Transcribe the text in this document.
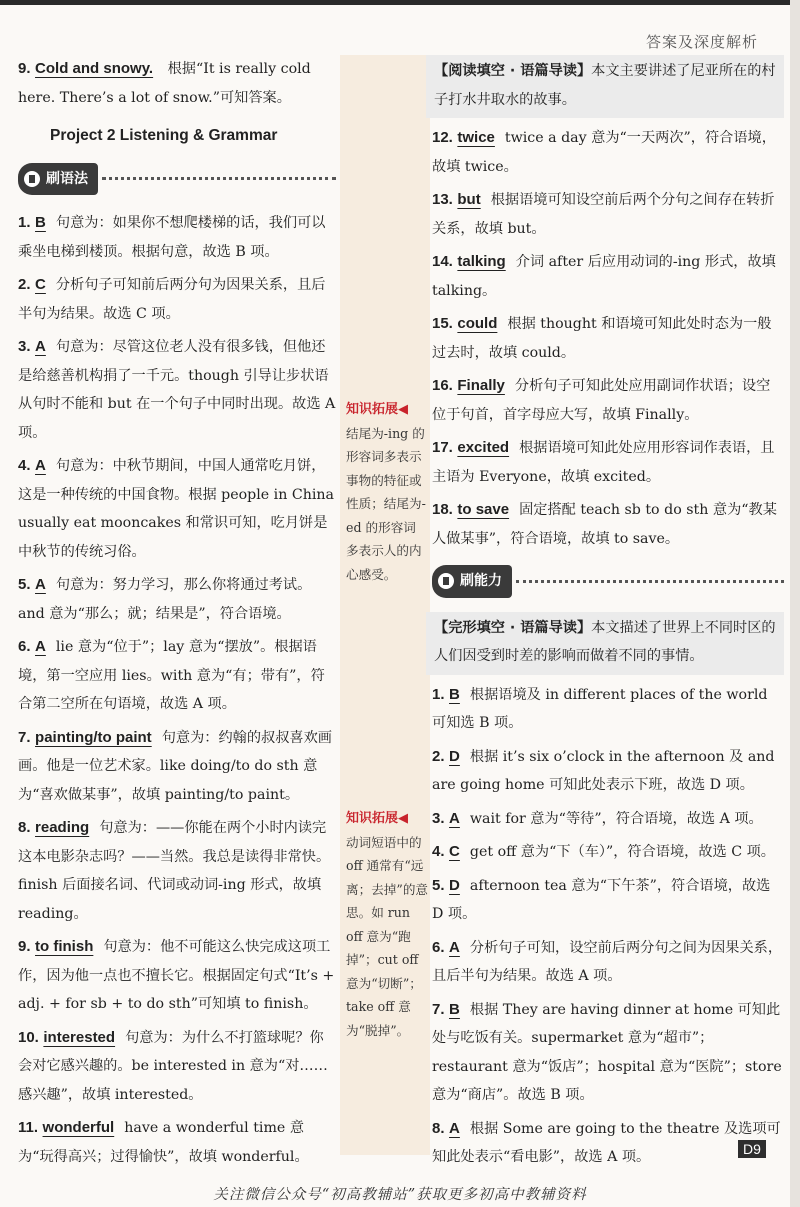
答案及深度解析
9. Cold and snowy. 根据“It is really cold here. There’s a lot of snow.”可知答案。
Project 2 Listening & Grammar
刷语法
1. B 句意为：如果你不想爬楼梯的话，我们可以乘坐电梯到楼顶。根据句意，故选 B 项。
2. C 分析句子可知前后两分句为因果关系，且后半句为结果。故选 C 项。
3. A 句意为：尽管这位老人没有很多钱，但他还是给慈善机构捐了一千元。though 引导让步状语从句时不能和 but 在一个句子中同时出现。故选 A 项。
4. A 句意为：中秋节期间，中国人通常吃月饼，这是一种传统的中国食物。根据 people in China usually eat mooncakes 和常识可知，吃月饼是中秋节的传统习俗。
5. A 句意为：努力学习，那么你将通过考试。and 意为“那么；就；结果是”，符合语境。
6. A lie 意为“位于”；lay 意为“摆放”。根据语境，第一空应用 lies。with 意为“有；带有”，符合第二空所在句语境，故选 A 项。
7. painting/to paint 句意为：约翰的叔叔喜欢画画。他是一位艺术家。like doing/to do sth 意为“喜欢做某事”，故填 painting/to paint。
8. reading 句意为：——你能在两个小时内读完这本电影杂志吗？——当然。我总是读得非常快。finish 后面接名词、代词或动词-ing 形式，故填 reading。
9. to finish 句意为：他不可能这么快完成这项工作，因为他一点也不擅长它。根据固定句式“It’s + adj. + for sb + to do sth”可知填 to finish。
10. interested 句意为：为什么不打篮球呢？你会对它感兴趣的。be interested in 意为“对……感兴趣”，故填 interested。
11. wonderful have a wonderful time 意为“玩得高兴；过得愉快”，故填 wonderful。
知识拓展◀
结尾为-ing 的形容词多表示事物的特征或性质；结尾为-ed 的形容词多表示人的内心感受。
知识拓展◀
动词短语中的 off 通常有“远离；去掉”的意思。如 run off 意为“跑掉”；cut off 意为“切断”；take off 意为“脱掉”。
【阅读填空 · 语篇导读】本文主要讲述了尼亚所在的村子打水井取水的故事。
12. twice twice a day 意为“一天两次”，符合语境，故填 twice。
13. but 根据语境可知设空前后两个分句之间存在转折关系，故填 but。
14. talking 介词 after 后应用动词的-ing 形式，故填 talking。
15. could 根据 thought 和语境可知此处时态为一般过去时，故填 could。
16. Finally 分析句子可知此处应用副词作状语；设空位于句首，首字母应大写，故填 Finally。
17. excited 根据语境可知此处应用形容词作表语，且主语为 Everyone，故填 excited。
18. to save 固定搭配 teach sb to do sth 意为“教某人做某事”，符合语境，故填 to save。
刷能力
【完形填空 · 语篇导读】本文描述了世界上不同时区的人们因受到时差的影响而做着不同的事情。
1. B 根据语境及 in different places of the world 可知选 B 项。
2. D 根据 it’s six o’clock in the afternoon 及 and are going home 可知此处表示下班，故选 D 项。
3. A wait for 意为“等待”，符合语境，故选 A 项。
4. C get off 意为“下（车）”，符合语境，故选 C 项。
5. D afternoon tea 意为“下午茶”，符合语境，故选 D 项。
6. A 分析句子可知，设空前后两分句之间为因果关系，且后半句为结果。故选 A 项。
7. B 根据 They are having dinner at home 可知此处与吃饭有关。supermarket 意为“超市”；restaurant 意为“饭店”；hospital 意为“医院”；store 意为“商店”。故选 B 项。
8. A 根据 Some are going to the theatre 及选项可知此处表示“看电影”，故选 A 项。	D9
关注微信公众号“初高教辅站”获取更多初高中教辅资料
